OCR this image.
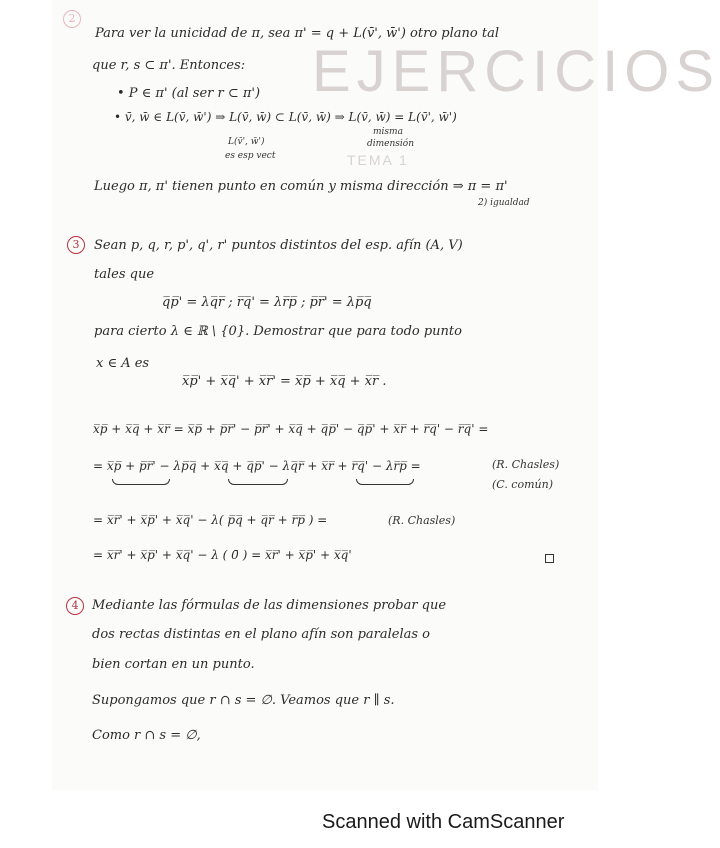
EJERCICIOS
TEMA 1
2
Para ver la unicidad de π, sea π' = q + L(v̄', w̄') otro plano tal
que r, s ⊂ π'. Entonces:
• P ∈ π' (al ser r ⊂ π')
• v̄, w̄ ∈ L(v̄, w̄') ⇒ L(v̄, w̄) ⊂ L(v̄, w̄) ⇒ L(v̄, w̄) = L(v̄', w̄')
L(v̄', w̄')
es esp vect
misma
dimensión
Luego π, π' tienen punto en común y misma dirección ⇒ π = π'
2) igualdad
3	Sean p, q, r, p', q', r' puntos distintos del esp. afín (A, V)
tales que
q̅p̅' = λq̅r̅ ; r̅q̅' = λr̅p̅ ; p̅r̅' = λp̅q̅
para cierto λ ∈ ℝ \ {0}. Demostrar que para todo punto
x ∈ A es
x̅p̅' + x̅q̅' + x̅r̅' = x̅p̅ + x̅q̅ + x̅r̅ .
x̅p̅ + x̅q̅ + x̅r̅ = x̅p̅ + p̅r̅' − p̅r̅' + x̅q̅ + q̅p̅' − q̅p̅' + x̅r̅ + r̅q̅' − r̅q̅' =
= x̅p̅ + p̅r̅' − λp̅q̅ + x̅q̅ + q̅p̅' − λq̅r̅ + x̅r̅ + r̅q̅' − λr̅p̅ =	(R. Chasles)
(C. común)
= x̅r̅' + x̅p̅' + x̅q̅' − λ( p̅q̅ + q̅r̅ + r̅p̅ ) =	(R. Chasles)
= x̅r̅' + x̅p̅' + x̅q̅' − λ ( 0̄ ) = x̅r̅' + x̅p̅' + x̅q̅'
4	Mediante las fórmulas de las dimensiones probar que
dos rectas distintas en el plano afín son paralelas o
bien cortan en un punto.
Supongamos que r ∩ s = ∅. Veamos que r ∥ s.
Como r ∩ s = ∅,
Scanned with CamScanner
